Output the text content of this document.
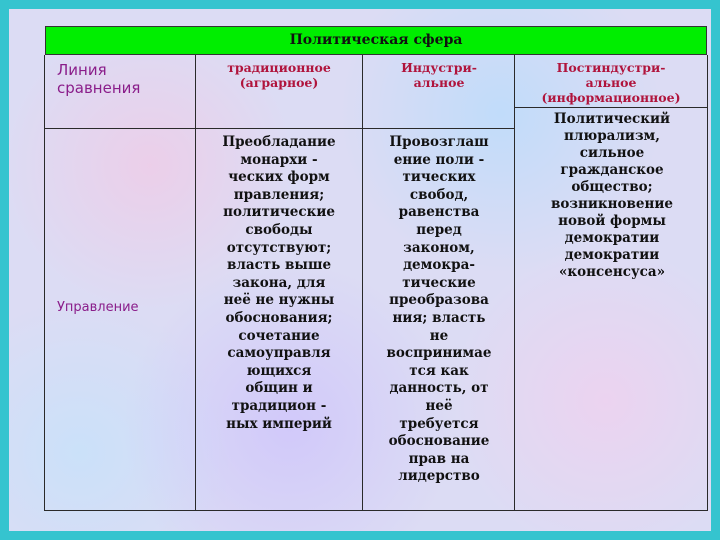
Политическая сфера
Линия
сравнения
традиционное
(аграрное)
Индустри-
альное
Постиндустри-
альное
(информационное)
Управление
Преобладание
монархи -
ческих форм
правления;
политические
свободы
отсутствуют;
власть выше
закона, для
неё не нужны
обоснования;
сочетание
самоуправля
ющихся
общин и
традицион -
ных империй
Провозглаш
ение поли -
тических
свобод,
равенства
перед
законом,
демокра-
тические
преобразова
ния; власть
не
воспринимае
тся как
данность, от
неё
требуется
обоснование
прав на
лидерство
Политический
плюрализм,
сильное
гражданское
общество;
возникновение
новой формы
демократии
демократии
«консенсуса»
